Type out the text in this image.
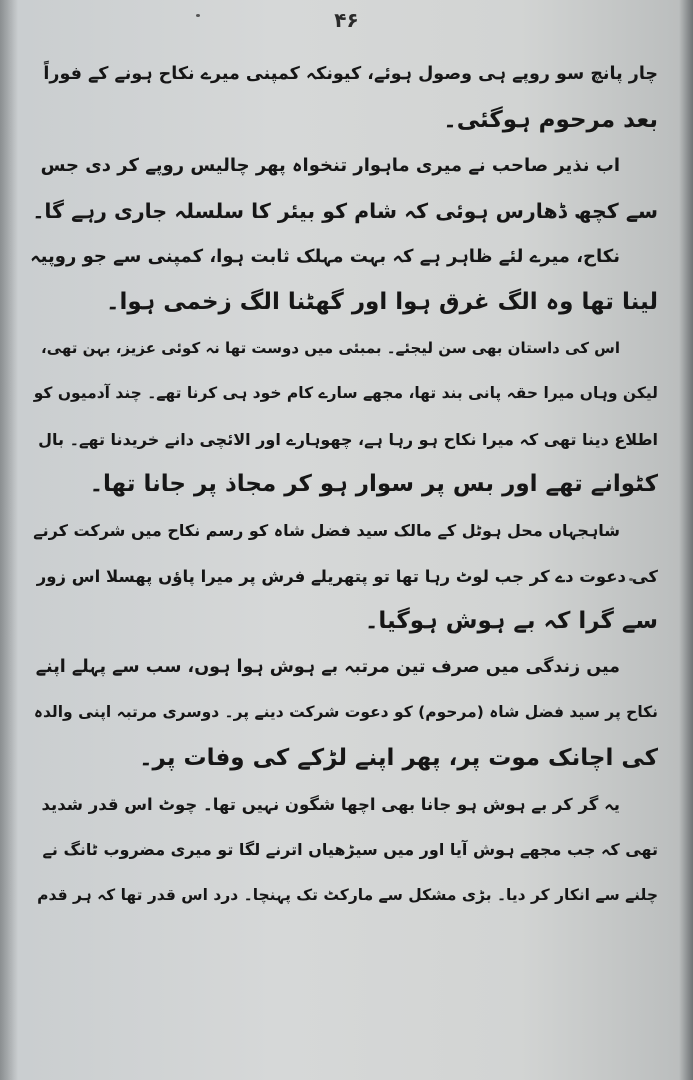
۴۶
چار پانچ سو روپے ہی وصول ہوئے، کیونکہ کمپنی میرے نکاح ہونے کے فوراً
بعد مرحوم ہوگئی۔
اب نذیر صاحب نے میری ماہوار تنخواہ پھر چالیس روپے کر دی جس
سے کچھ ڈھارس ہوئی کہ شام کو بیئر کا سلسلہ جاری رہے گا۔
نکاح، میرے لئے ظاہر ہے کہ بہت مہلک ثابت ہوا، کمپنی سے جو روپیہ
لینا تھا وہ الگ غرق ہوا اور گھٹنا الگ زخمی ہوا۔
اس کی داستان بھی سن لیجئے۔ بمبئی میں دوست تھا نہ کوئی عزیز، بہن تھی،
لیکن وہاں میرا حقہ پانی بند تھا، مجھے سارے کام خود ہی کرنا تھے۔ چند آدمیوں کو
اطلاع دینا تھی کہ میرا نکاح ہو رہا ہے، چھوہارے اور الائچی دانے خریدنا تھے۔ بال
کٹوانے تھے اور بس پر سوار ہو کر مجاذ پر جانا تھا۔
شاہجہاں محل ہوٹل کے مالک سید فضل شاہ کو رسم نکاح میں شرکت کرنے
کی دعوت دے کر جب لوٹ رہا تھا تو پتھریلے فرش پر میرا پاؤں پھسلا اس زور
سے گرا کہ بے ہوش ہوگیا۔
میں زندگی میں صرف تین مرتبہ بے ہوش ہوا ہوں، سب سے پہلے اپنے
نکاح پر سید فضل شاہ (مرحوم) کو دعوت شرکت دینے پر۔ دوسری مرتبہ اپنی والدہ
کی اچانک موت پر، پھر اپنے لڑکے کی وفات پر۔
یہ گر کر بے ہوش ہو جانا بھی اچھا شگون نہیں تھا۔ چوٹ اس قدر شدید
تھی کہ جب مجھے ہوش آیا اور میں سیڑھیاں اترنے لگا تو میری مضروب ٹانگ نے
چلنے سے انکار کر دیا۔ بڑی مشکل سے مارکٹ تک پہنچا۔ درد اس قدر تھا کہ ہر قدم
